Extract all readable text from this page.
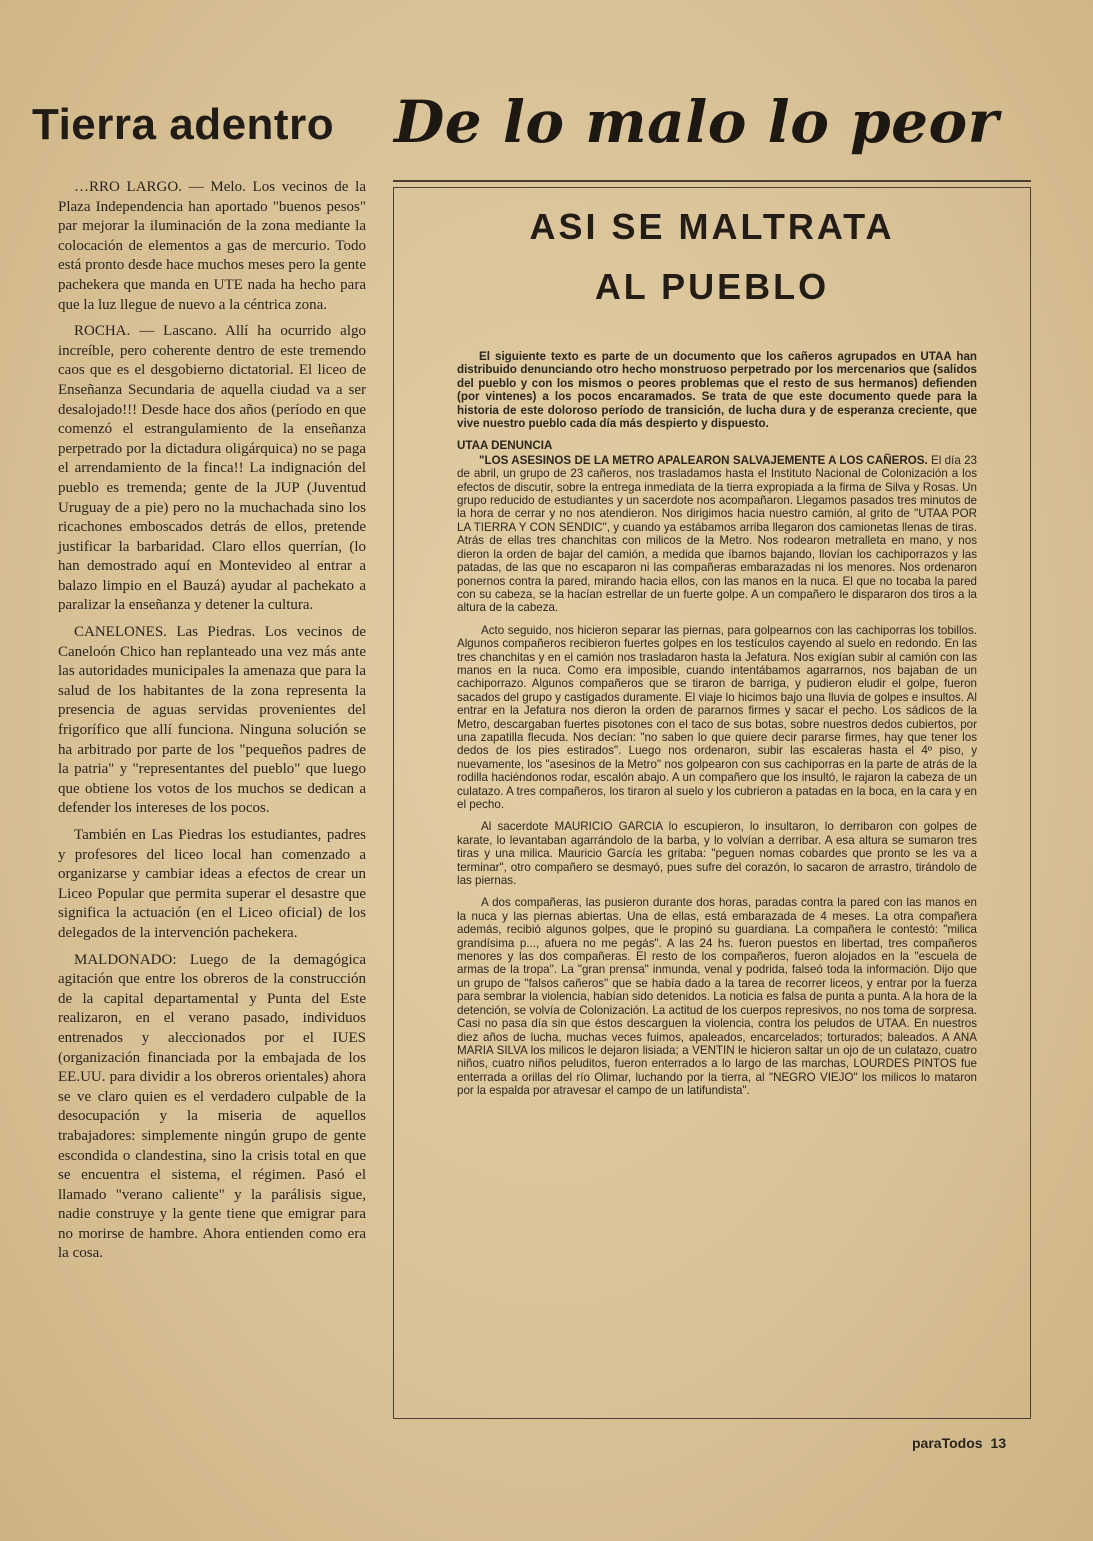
Tierra adentro De lo malo lo peor

…RRO LARGO. — Melo. Los vecinos de la Plaza Independencia han aportado "buenos pesos" par mejorar la iluminación de la zona mediante la colocación de elementos a gas de mercurio. Todo está pronto desde hace muchos meses pero la gente pachekera que manda en UTE nada ha hecho para que la luz llegue de nuevo a la céntrica zona.

ROCHA. — Lascano. Allí ha ocurrido algo increíble, pero coherente dentro de este tremendo caos que es el desgobierno dictatorial. El liceo de Enseñanza Secundaria de aquella ciudad va a ser desalojado!!! Desde hace dos años (período en que comenzó el estrangulamiento de la enseñanza perpetrado por la dictadura oligárquica) no se paga el arrendamiento de la finca!! La indignación del pueblo es tremenda; gente de la JUP (Juventud Uruguay de a pie) pero no la muchachada sino los ricachones emboscados detrás de ellos, pretende justificar la barbaridad. Claro ellos querrían, (lo han demostrado aquí en Montevideo al entrar a balazo limpio en el Bauzá) ayudar al pachekato a paralizar la enseñanza y detener la cultura.

CANELONES. Las Piedras. Los vecinos de Caneloón Chico han replanteado una vez más ante las autoridades municipales la amenaza que para la salud de los habitantes de la zona representa la presencia de aguas servidas provenientes del frigorífico que allí funciona. Ninguna solución se ha arbitrado por parte de los "pequeños padres de la patria" y "representantes del pueblo" que luego que obtiene los votos de los muchos se dedican a defender los intereses de los pocos.

También en Las Piedras los estudiantes, padres y profesores del liceo local han comenzado a organizarse y cambiar ideas a efectos de crear un Liceo Popular que permita superar el desastre que significa la actuación (en el Liceo oficial) de los delegados de la intervención pachekera.

MALDONADO: Luego de la demagógica agitación que entre los obreros de la construcción de la capital departamental y Punta del Este realizaron, en el verano pasado, individuos entrenados y aleccionados por el IUES (organización financiada por la embajada de los EE.UU. para dividir a los obreros orientales) ahora se ve claro quien es el verdadero culpable de la desocupación y la miseria de aquellos trabajadores: simplemente ningún grupo de gente escondida o clandestina, sino la crisis total en que se encuentra el sistema, el régimen. Pasó el llamado "verano caliente" y la parálisis sigue, nadie construye y la gente tiene que emigrar para no morirse de hambre. Ahora entienden como era la cosa.

ASI SE MALTRATA
AL PUEBLO

El siguiente texto es parte de un documento que los cañeros agrupados en UTAA han distribuido denunciando otro hecho monstruoso perpetrado por los mercenarios que (salidos del pueblo y con los mismos o peores problemas que el resto de sus hermanos) defienden (por vintenes) a los pocos encaramados. Se trata de que este documento quede para la historia de este doloroso período de transición, de lucha dura y de esperanza creciente, que vive nuestro pueblo cada día más despierto y dispuesto.

UTAA DENUNCIA

"LOS ASESINOS DE LA METRO APALEARON SALVAJEMENTE A LOS CAÑEROS. El día 23 de abril, un grupo de 23 cañeros, nos trasladamos hasta el Instituto Nacional de Colonización a los efectos de discutir, sobre la entrega inmediata de la tierra expropiada a la firma de Silva y Rosas. Un grupo reducido de estudiantes y un sacerdote nos acompañaron. Llegamos pasados tres minutos de la hora de cerrar y no nos atendieron. Nos dirigimos hacia nuestro camión, al grito de "UTAA POR LA TIERRA Y CON SENDIC", y cuando ya estábamos arriba llegaron dos camionetas llenas de tiras. Atrás de ellas tres chanchitas con milicos de la Metro. Nos rodearon metralleta en mano, y nos dieron la orden de bajar del camión, a medida que íbamos bajando, llovían los cachiporrazos y las patadas, de las que no escaparon ni las compañeras embarazadas ni los menores. Nos ordenaron ponernos contra la pared, mirando hacia ellos, con las manos en la nuca. El que no tocaba la pared con su cabeza, se la hacían estrellar de un fuerte golpe. A un compañero le dispararon dos tiros a la altura de la cabeza.

Acto seguido, nos hicieron separar las piernas, para golpearnos con las cachiporras los tobillos. Algunos compañeros recibieron fuertes golpes en los testículos cayendo al suelo en redondo. En las tres chanchitas y en el camión nos trasladaron hasta la Jefatura. Nos exigían subir al camión con las manos en la nuca. Como era imposible, cuando intentábamos agarrarnos, nos bajaban de un cachiporrazo. Algunos compañeros que se tiraron de barriga, y pudieron eludir el golpe, fueron sacados del grupo y castigados duramente. El viaje lo hicimos bajo una lluvia de golpes e insultos. Al entrar en la Jefatura nos dieron la orden de pararnos firmes y sacar el pecho. Los sádicos de la Metro, descargaban fuertes pisotones con el taco de sus botas, sobre nuestros dedos cubiertos, por una zapatilla flecuda. Nos decían: "no saben lo que quiere decir pararse firmes, hay que tener los dedos de los pies estirados". Luego nos ordenaron, subir las escaleras hasta el 4º piso, y nuevamente, los "asesinos de la Metro" nos golpearon con sus cachiporras en la parte de atrás de la rodilla haciéndonos rodar, escalón abajo. A un compañero que los insultó, le rajaron la cabeza de un culatazo. A tres compañeros, los tiraron al suelo y los cubrieron a patadas en la boca, en la cara y en el pecho.

Al sacerdote MAURICIO GARCIA lo escupieron, lo insultaron, lo derribaron con golpes de karate, lo levantaban agarrándolo de la barba, y lo volvían a derribar. A esa altura se sumaron tres tiras y una milica. Mauricio García les gritaba: "peguen nomas cobardes que pronto se les va a terminar", otro compañero se desmayó, pues sufre del corazón, lo sacaron de arrastro, tirándolo de las piernas.

A dos compañeras, las pusieron durante dos horas, paradas contra la pared con las manos en la nuca y las piernas abiertas. Una de ellas, está embarazada de 4 meses. La otra compañera además, recibió algunos golpes, que le propinó su guardiana. La compañera le contestó: "milica grandísima p..., afuera no me pegás". A las 24 hs. fueron puestos en libertad, tres compañeros menores y las dos compañeras. El resto de los compañeros, fueron alojados en la "escuela de armas de la tropa". La "gran prensa" inmunda, venal y podrida, falseó toda la información. Dijo que un grupo de "falsos cañeros" que se había dado a la tarea de recorrer liceos, y entrar por la fuerza para sembrar la violencia, habían sido detenidos. La noticia es falsa de punta a punta. A la hora de la detención, se volvía de Colonización. La actitud de los cuerpos represivos, no nos toma de sorpresa. Casi no pasa día sin que éstos descarguen la violencia, contra los peludos de UTAA. En nuestros diez años de lucha, muchas veces fuimos, apaleados, encarcelados; torturados; baleados. A ANA MARIA SILVA los milicos le dejaron lisiada; a VENTIN le hicieron saltar un ojo de un culatazo, cuatro niños, cuatro niños peluditos, fueron enterrados a lo largo de las marchas, LOURDES PINTOS fue enterrada a orillas del río Olimar, luchando por la tierra, al "NEGRO VIEJO" los milicos lo mataron por la espalda por atravesar el campo de un latifundista".

paraTodos 13
